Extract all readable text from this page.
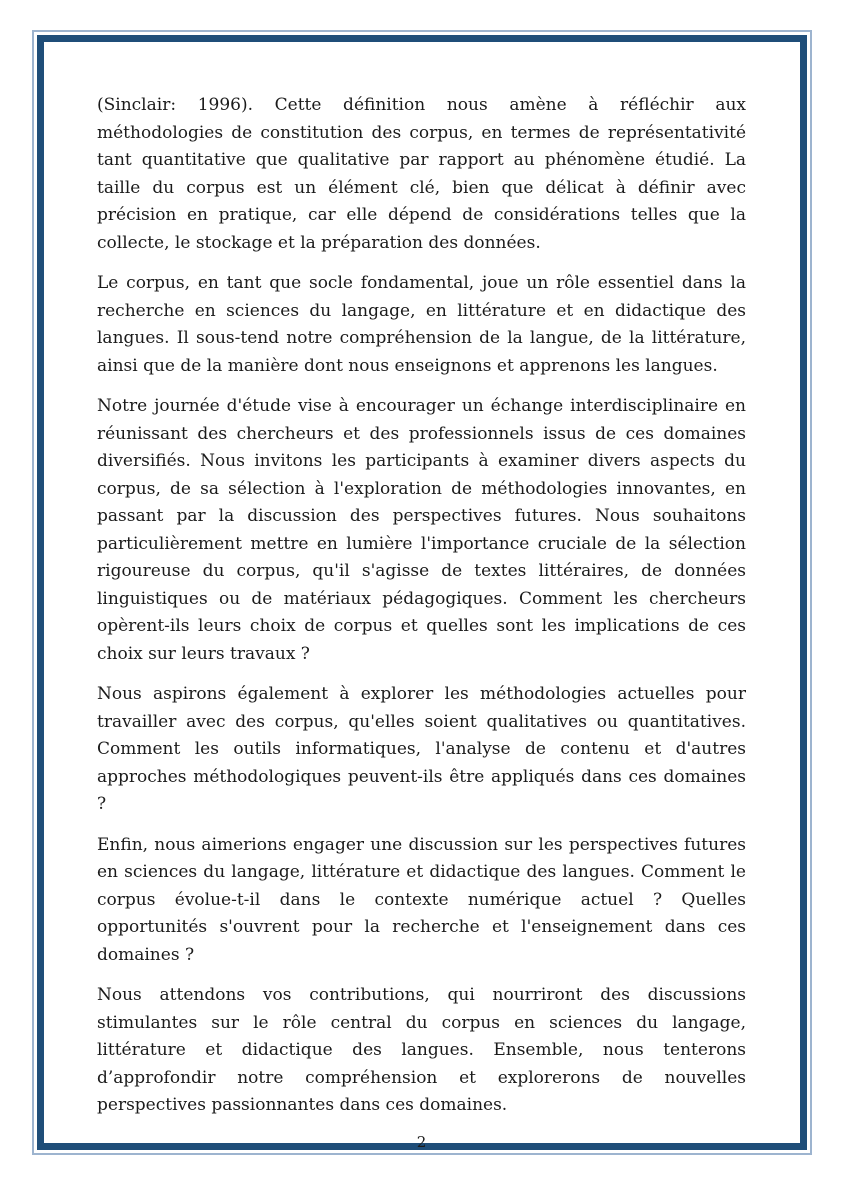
(Sinclair: 1996). Cette définition nous amène à réfléchir aux méthodologies de constitution des corpus, en termes de représentativité tant quantitative que qualitative par rapport au phénomène étudié. La taille du corpus est un élément clé, bien que délicat à définir avec précision en pratique, car elle dépend de considérations telles que la collecte, le stockage et la préparation des données.

Le corpus, en tant que socle fondamental, joue un rôle essentiel dans la recherche en sciences du langage, en littérature et en didactique des langues. Il sous-tend notre compréhension de la langue, de la littérature, ainsi que de la manière dont nous enseignons et apprenons les langues.

Notre journée d'étude vise à encourager un échange interdisciplinaire en réunissant des chercheurs et des professionnels issus de ces domaines diversifiés. Nous invitons les participants à examiner divers aspects du corpus, de sa sélection à l'exploration de méthodologies innovantes, en passant par la discussion des perspectives futures. Nous souhaitons particulièrement mettre en lumière l'importance cruciale de la sélection rigoureuse du corpus, qu'il s'agisse de textes littéraires, de données linguistiques ou de matériaux pédagogiques. Comment les chercheurs opèrent-ils leurs choix de corpus et quelles sont les implications de ces choix sur leurs travaux ?

Nous aspirons également à explorer les méthodologies actuelles pour travailler avec des corpus, qu'elles soient qualitatives ou quantitatives. Comment les outils informatiques, l'analyse de contenu et d'autres approches méthodologiques peuvent-ils être appliqués dans ces domaines ?

Enfin, nous aimerions engager une discussion sur les perspectives futures en sciences du langage, littérature et didactique des langues. Comment le corpus évolue-t-il dans le contexte numérique actuel ? Quelles opportunités s'ouvrent pour la recherche et l'enseignement dans ces domaines ?

Nous attendons vos contributions, qui nourriront des discussions stimulantes sur le rôle central du corpus en sciences du langage, littérature et didactique des langues. Ensemble, nous tenterons d’approfondir notre compréhension et explorerons de nouvelles perspectives passionnantes dans ces domaines.

2
